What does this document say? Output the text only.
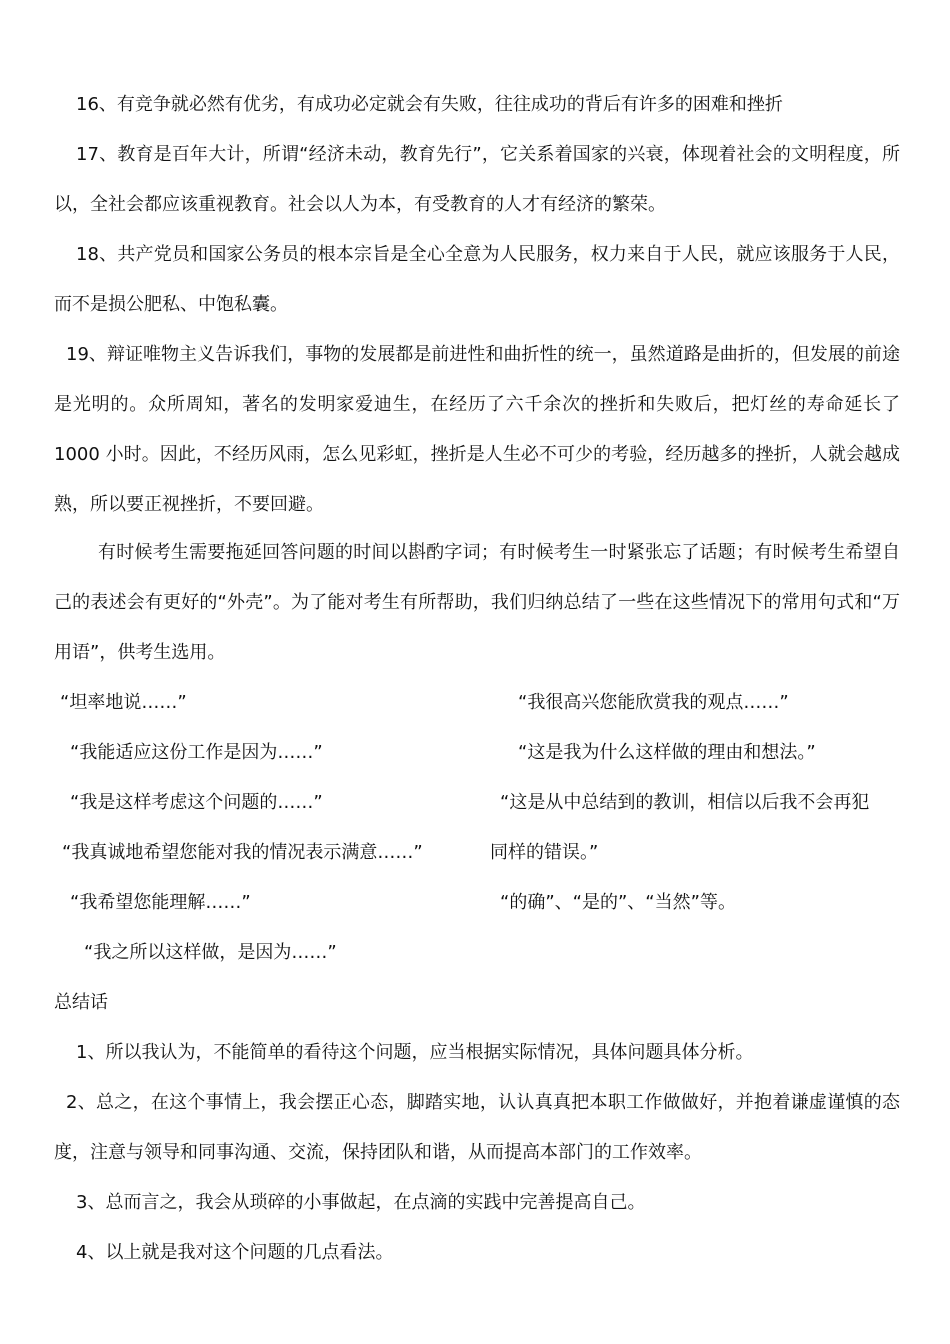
16、有竞争就必然有优劣，有成功必定就会有失败，往往成功的背后有许多的困难和挫折

17、教育是百年大计，所谓“经济未动，教育先行”，它关系着国家的兴衰，体现着社会的文明程度，所以，全社会都应该重视教育。社会以人为本，有受教育的人才有经济的繁荣。

18、共产党员和国家公务员的根本宗旨是全心全意为人民服务，权力来自于人民，就应该服务于人民，而不是损公肥私、中饱私囊。

19、辩证唯物主义告诉我们，事物的发展都是前进性和曲折性的统一，虽然道路是曲折的，但发展的前途是光明的。众所周知，著名的发明家爱迪生，在经历了六千余次的挫折和失败后，把灯丝的寿命延长了 1000 小时。因此，不经历风雨，怎么见彩虹，挫折是人生必不可少的考验，经历越多的挫折，人就会越成熟，所以要正视挫折，不要回避。

有时候考生需要拖延回答问题的时间以斟酌字词；有时候考生一时紧张忘了话题；有时候考生希望自己的表述会有更好的“外壳”。为了能对考生有所帮助，我们归纳总结了一些在这些情况下的常用句式和“万用语”，供考生选用。

“坦率地说……”
“我能适应这份工作是因为……”
“我是这样考虑这个问题的……”
“我真诚地希望您能对我的情况表示满意……”
“我希望您能理解……”
“我之所以这样做，是因为……”
“我很高兴您能欣赏我的观点……”
“这是我为什么这样做的理由和想法。”
“这是从中总结到的教训，相信以后我不会再犯
同样的错误。”
“的确”、“是的”、“当然”等。
总结话

1、所以我认为，不能简单的看待这个问题，应当根据实际情况，具体问题具体分析。

2、总之，在这个事情上，我会摆正心态，脚踏实地，认认真真把本职工作做做好，并抱着谦虚谨慎的态度，注意与领导和同事沟通、交流，保持团队和谐，从而提高本部门的工作效率。

3、总而言之，我会从琐碎的小事做起，在点滴的实践中完善提高自己。

4、以上就是我对这个问题的几点看法。
